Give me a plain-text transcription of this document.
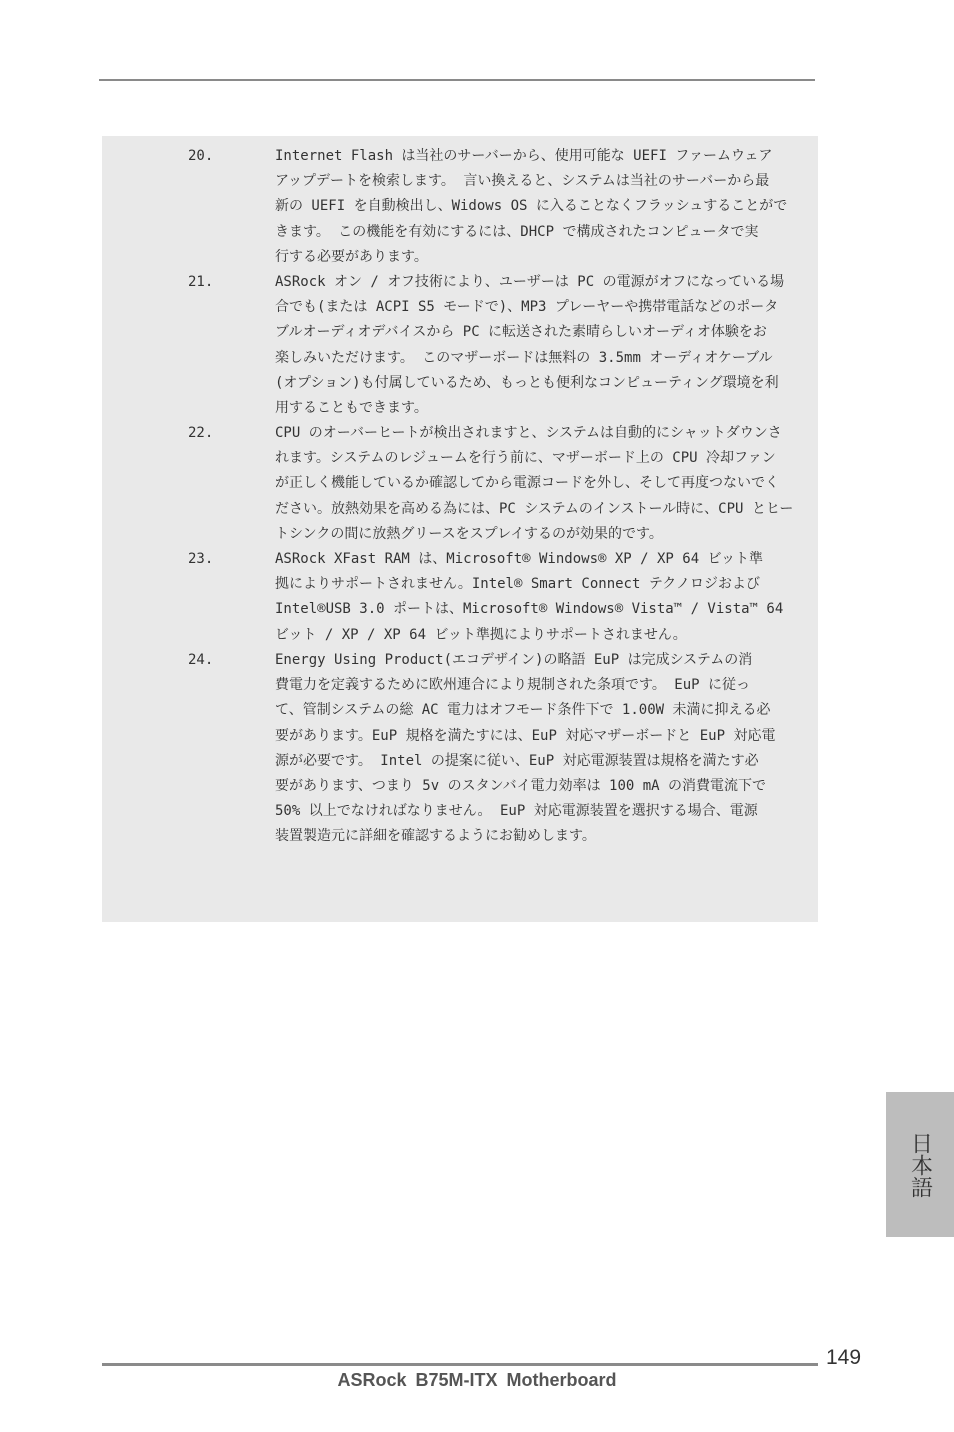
20.	Internet Flash は当社のサーバーから、使用可能な UEFI ファームウェア
アップデートを検索します。 言い換えると、システムは当社のサーバーから最
新の UEFI を自動検出し、Widows OS に入ることなくフラッシュすることがで
きます。 この機能を有効にするには、DHCP で構成されたコンピュータで実
行する必要があります。
21.	ASRock オン / オフ技術により、ユーザーは PC の電源がオフになっている場
合でも(または ACPI S5 モードで)、MP3 プレーヤーや携帯電話などのポータ
ブルオーディオデバイスから PC に転送された素晴らしいオーディオ体験をお
楽しみいただけます。 このマザーボードは無料の 3.5mm オーディオケーブル
(オプション)も付属しているため、もっとも便利なコンピューティング環境を利
用することもできます。
22.	CPU のオーバーヒートが検出されますと、システムは自動的にシャットダウンさ
れます。システムのレジュームを行う前に、マザーボード上の CPU 冷却ファン
が正しく機能しているか確認してから電源コードを外し、そして再度つないでく
ださい。放熱効果を高める為には、PC システムのインストール時に、CPU とヒー
トシンクの間に放熱グリースをスプレイするのが効果的です。
23.	ASRock XFast RAM は、Microsoft® Windows® XP / XP 64 ビット準
拠によりサポートされません。Intel® Smart Connect テクノロジおよび
Intel®USB 3.0 ポートは、Microsoft® Windows® Vista™ / Vista™ 64
ビット / XP / XP 64 ビット準拠によりサポートされません。
24.	Energy Using Product(エコデザイン)の略語 EuP は完成システムの消
費電力を定義するために欧州連合により規制された条項です。 EuP に従っ
て、管制システムの総 AC 電力はオフモード条件下で 1.00W 未満に抑える必
要があります。EuP 規格を満たすには、EuP 対応マザーボードと EuP 対応電
源が必要です。 Intel の提案に従い、EuP 対応電源装置は規格を満たす必
要があります、つまり 5v のスタンバイ電力効率は 100 mA の消費電流下で
50% 以上でなければなりません。 EuP 対応電源装置を選択する場合、電源
装置製造元に詳細を確認するようにお勧めします。
日本語
149
ASRock B75M-ITX Motherboard
